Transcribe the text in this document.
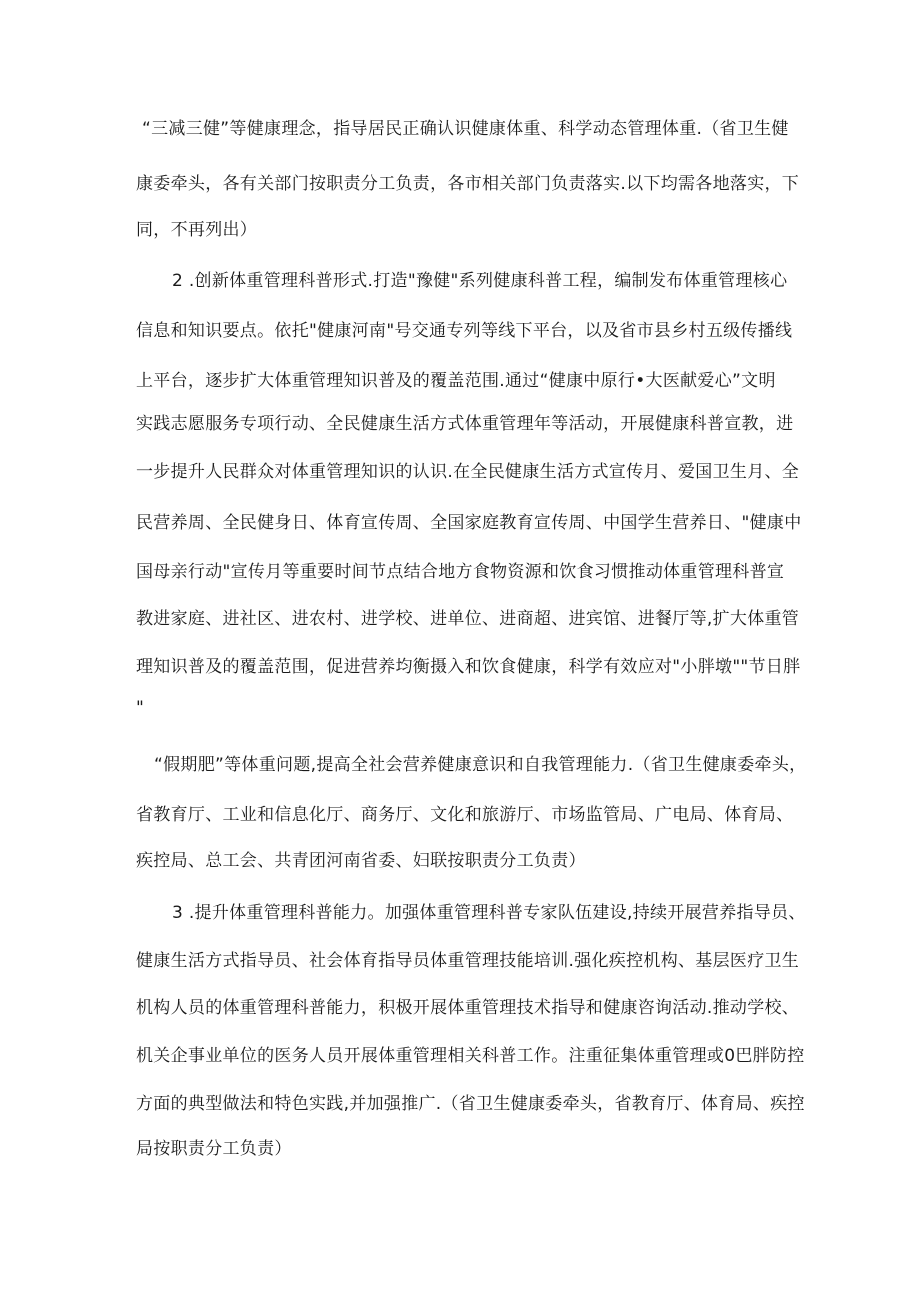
“三减三健”等健康理念，指导居民正确认识健康体重、科学动态管理体重.（省卫生健
康委牵头，各有关部门按职责分工负责，各市相关部门负责落实.以下均需各地落实，下
同，不再列出）
2 .创新体重管理科普形式.打造"豫健"系列健康科普工程，编制发布体重管理核心
信息和知识要点。依托"健康河南"号交通专列等线下平台，以及省市县乡村五级传播线
上平台，逐步扩大体重管理知识普及的覆盖范围.通过“健康中原行•大医献爱心”文明
实践志愿服务专项行动、全民健康生活方式体重管理年等活动，开展健康科普宣教，进
一步提升人民群众对体重管理知识的认识.在全民健康生活方式宣传月、爱国卫生月、全
民营养周、全民健身日、体育宣传周、全国家庭教育宣传周、中国学生营养日、"健康中
国母亲行动"宣传月等重要时间节点结合地方食物资源和饮食习惯推动体重管理科普宣
教进家庭、进社区、进农村、进学校、进单位、进商超、进宾馆、进餐厅等,扩大体重管
理知识普及的覆盖范围，促进营养均衡摄入和饮食健康，科学有效应对"小胖墩""节日胖
"
“假期肥”等体重问题,提高全社会营养健康意识和自我管理能力.（省卫生健康委牵头，
省教育厅、工业和信息化厅、商务厅、文化和旅游厅、市场监管局、广电局、体育局、
疾控局、总工会、共青团河南省委、妇联按职责分工负责）
3 .提升体重管理科普能力。加强体重管理科普专家队伍建设,持续开展营养指导员、
健康生活方式指导员、社会体育指导员体重管理技能培训.强化疾控机构、基层医疗卫生
机构人员的体重管理科普能力，积极开展体重管理技术指导和健康咨询活动.推动学校、
机关企事业单位的医务人员开展体重管理相关科普工作。注重征集体重管理或0巴胖防控
方面的典型做法和特色实践,并加强推广.（省卫生健康委牵头，省教育厅、体育局、疾控
局按职责分工负责）
